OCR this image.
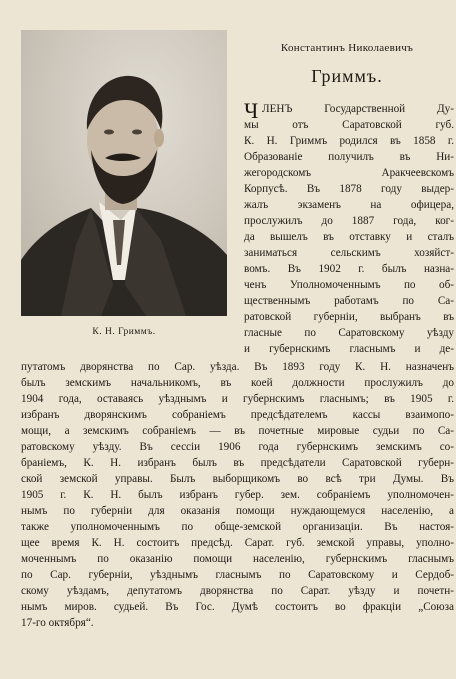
К. Н. Гриммъ.
Константинъ Николаевичъ
Гриммъ.
Ч ЛЕНЪ Государственной Ду-
мы отъ Саратовской губ.
К. Н. Гриммъ родился въ 1858 г.
Образованіе получилъ въ Ни-
жегородскомъ Аракчеевскомъ
Корпусѣ. Въ 1878 году выдер-
жалъ экзаменъ на офицера,
прослужилъ до 1887 года, ког-
да вышелъ въ отставку и сталъ
заниматься сельскимъ хозяйст-
вомъ. Въ 1902 г. былъ назна-
ченъ Уполномоченнымъ по об-
щественнымъ работамъ по Са-
ратовской губерніи, выбранъ въ
гласные по Саратовскому уѣзду
и губернскимъ гласнымъ и де-
путатомъ дворянства по Сар. уѣзда. Въ 1893 году К. Н. назначенъ
былъ земскимъ начальникомъ, въ коей должности прослужилъ до
1904 года, оставаясь уѣзднымъ и губернскимъ гласнымъ; въ 1905 г.
избранъ дворянскимъ собраніемъ предсѣдателемъ кассы взаимопо-
мощи, а земскимъ собраніемъ — въ почетные мировые судьи по Са-
ратовскому уѣзду. Въ сессіи 1906 года губернскимъ земскимъ со-
браніемъ, К. Н. избранъ былъ въ предсѣдатели Саратовской губерн-
ской земской управы. Былъ выборщикомъ во всѣ три Думы. Въ
1905 г. К. Н. былъ избранъ губер. зем. собраніемъ уполномочен-
нымъ по губерніи для оказанія помощи нуждающемуся населенію, а
также уполномоченнымъ по обще-земской организаціи. Въ настоя-
щее время К. Н. состоитъ предсѣд. Сарат. губ. земской управы, уполно-
моченнымъ по оказанію помощи населенію, губернскимъ гласнымъ
по Сар. губерніи, уѣзднымъ гласнымъ по Саратовскому и Сердоб-
скому уѣздамъ, депутатомъ дворянства по Сарат. уѣзду и почетн-
нымъ миров. судьей. Въ Гос. Думѣ состоитъ во фракціи „Союза
17-го октября“.
